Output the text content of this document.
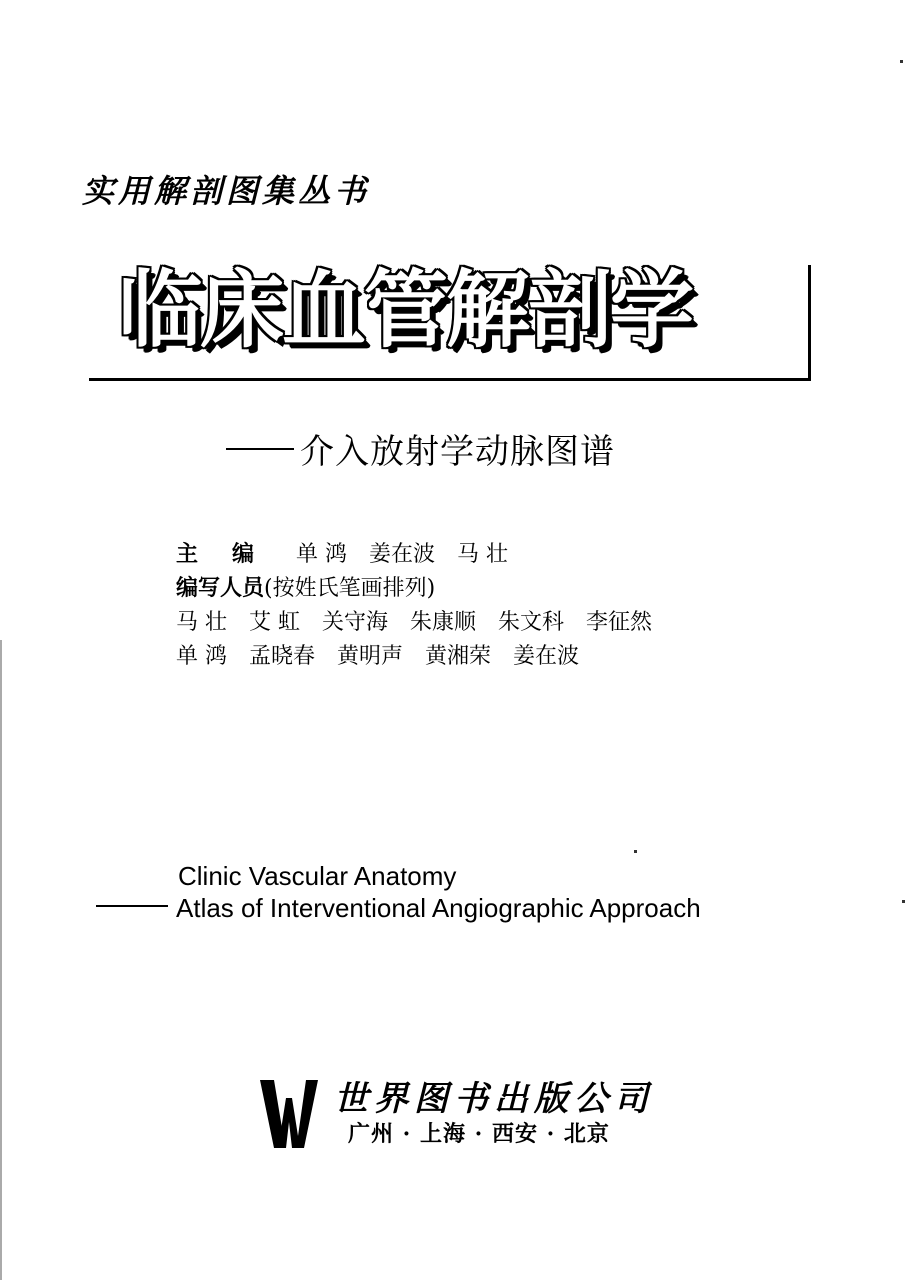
实用解剖图集丛书
临床血管解剖学
介入放射学动脉图谱
主编 单 鸿 姜在波 马 壮
编写人员 (按姓氏笔画排列)
马 壮 艾 虹 关守海 朱康顺 朱文科 李征然
单 鸿 孟晓春 黄明声 黄湘荣 姜在波
Clinic Vascular Anatomy
Atlas of Interventional Angiographic Approach
世界图书出版公司
广州 · 上海 · 西安 · 北京
